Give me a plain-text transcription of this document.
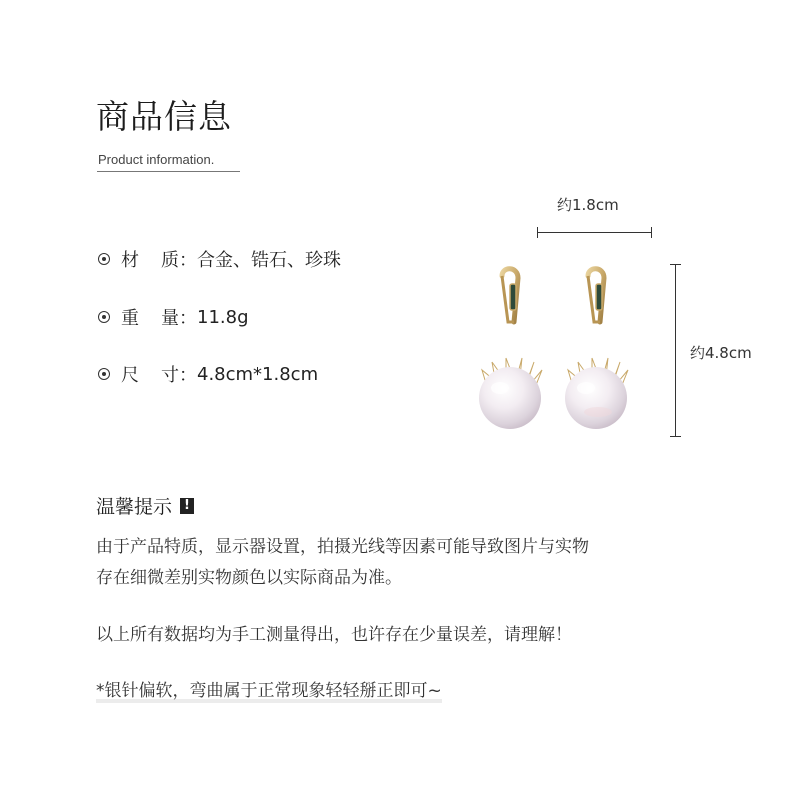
商品信息
Product information.
材 质： 合金、锆石、珍珠
重 量： 11.8g
尺 寸： 4.8cm*1.8cm
约1.8cm
约4.8cm
温馨提示 !
由于产品特质，显示器设置，拍摄光线等因素可能导致图片与实物
存在细微差别实物颜色以实际商品为准。
以上所有数据均为手工测量得出，也许存在少量误差，请理解！
*银针偏软，弯曲属于正常现象轻轻掰正即可~
